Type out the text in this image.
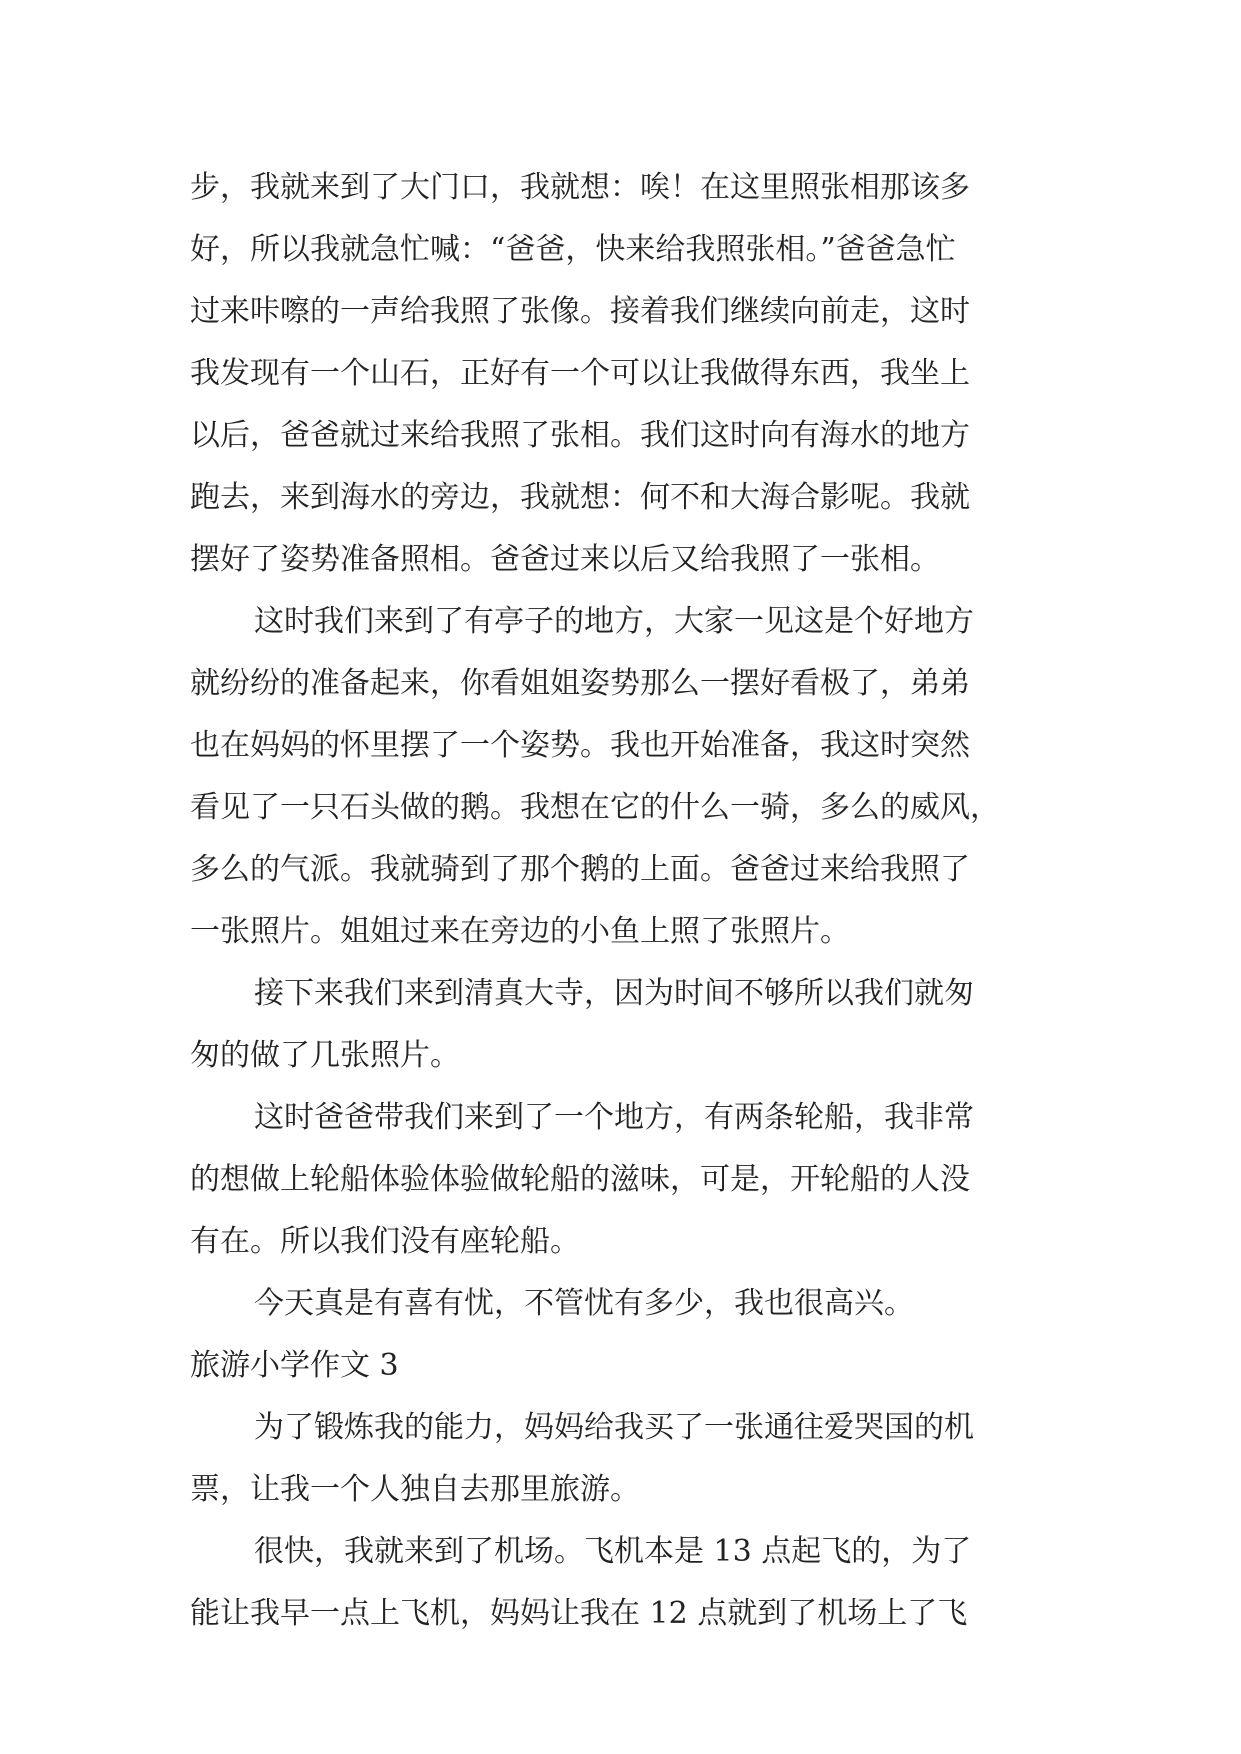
步，我就来到了大门口，我就想：唉！在这里照张相那该多
好，所以我就急忙喊：“爸爸，快来给我照张相。”爸爸急忙
过来咔嚓的一声给我照了张像。接着我们继续向前走，这时
我发现有一个山石，正好有一个可以让我做得东西，我坐上
以后，爸爸就过来给我照了张相。我们这时向有海水的地方
跑去，来到海水的旁边，我就想：何不和大海合影呢。我就
摆好了姿势准备照相。爸爸过来以后又给我照了一张相。
这时我们来到了有亭子的地方，大家一见这是个好地方
就纷纷的准备起来，你看姐姐姿势那么一摆好看极了，弟弟
也在妈妈的怀里摆了一个姿势。我也开始准备，我这时突然
看见了一只石头做的鹅。我想在它的什么一骑，多么的威风，
多么的气派。我就骑到了那个鹅的上面。爸爸过来给我照了
一张照片。姐姐过来在旁边的小鱼上照了张照片。
接下来我们来到清真大寺，因为时间不够所以我们就匆
匆的做了几张照片。
这时爸爸带我们来到了一个地方，有两条轮船，我非常
的想做上轮船体验体验做轮船的滋味，可是，开轮船的人没
有在。所以我们没有座轮船。
今天真是有喜有忧，不管忧有多少，我也很高兴。
旅游小学作文 3
为了锻炼我的能力，妈妈给我买了一张通往爱哭国的机
票，让我一个人独自去那里旅游。
很快，我就来到了机场。飞机本是 13 点起飞的，为了
能让我早一点上飞机，妈妈让我在 12 点就到了机场上了飞
